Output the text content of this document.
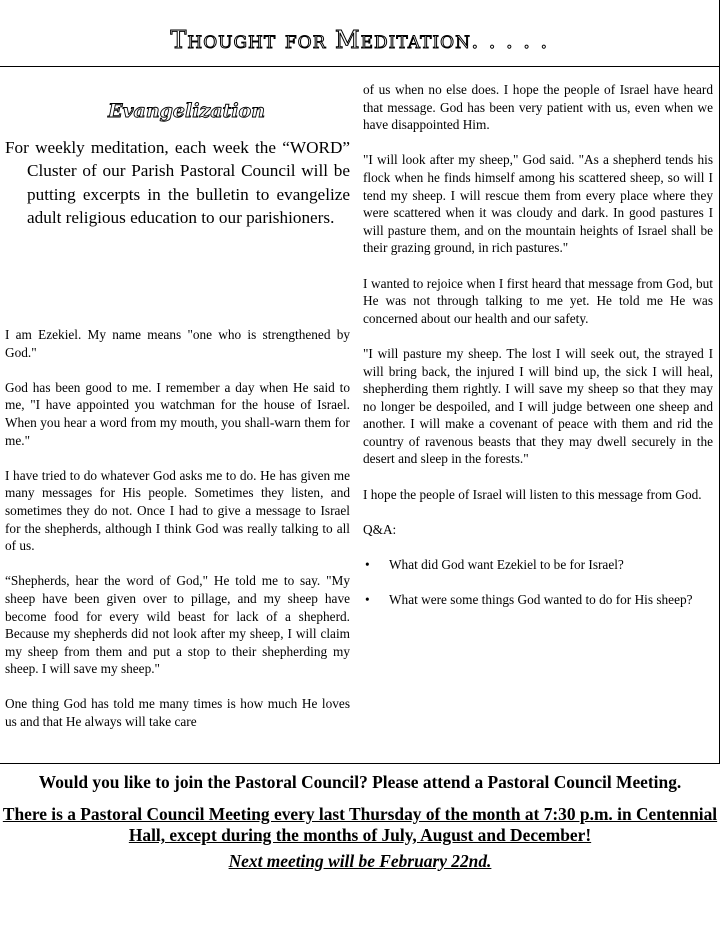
Thought for Meditation. . . . .
Evangelization

For weekly meditation, each week the “WORD” Cluster of our Parish Pastoral Council will be putting excerpts in the bulletin to evangelize adult religious education to our parishioners.

I am Ezekiel. My name means "one who is strengthened by God."

God has been good to me. I remember a day when He said to me, "I have appointed you watchman for the house of Israel. When you hear a word from my mouth, you shall-warn them for me."

I have tried to do whatever God asks me to do. He has given me many messages for His people. Sometimes they listen, and sometimes they do not. Once I had to give a message to Israel for the shepherds, although I think God was really talking to all of us.

“Shepherds, hear the word of God," He told me to say. "My sheep have been given over to pillage, and my sheep have become food for every wild beast for lack of a shepherd. Because my shepherds did not look after my sheep, I will claim my sheep from them and put a stop to their shepherding my sheep. I will save my sheep."

One thing God has told me many times is how much He loves us and that He always will take care

of us when no else does. I hope the people of Israel have heard that message. God has been very patient with us, even when we have disappointed Him.

"I will look after my sheep," God said. "As a shepherd tends his flock when he finds himself among his scattered sheep, so will I tend my sheep. I will rescue them from every place where they were scattered when it was cloudy and dark. In good pastures I will pasture them, and on the mountain heights of Israel shall be their grazing ground, in rich pastures."

I wanted to rejoice when I first heard that message from God, but He was not through talking to me yet. He told me He was concerned about our health and our safety.

"I will pasture my sheep. The lost I will seek out, the strayed I will bring back, the injured I will bind up, the sick I will heal, shepherding them rightly. I will save my sheep so that they may no longer be despoiled, and I will judge between one sheep and another. I will make a covenant of peace with them and rid the country of ravenous beasts that they may dwell securely in the desert and sleep in the forests."

I hope the people of Israel will listen to this message from God.

Q&A:

• What did God want Ezekiel to be for Israel?
• What were some things God wanted to do for His sheep?

Would you like to join the Pastoral Council? Please attend a Pastoral Council Meeting.

There is a Pastoral Council Meeting every last Thursday of the month at 7:30 p.m. in Centennial Hall, except during the months of July, August and December!

Next meeting will be February 22nd.
